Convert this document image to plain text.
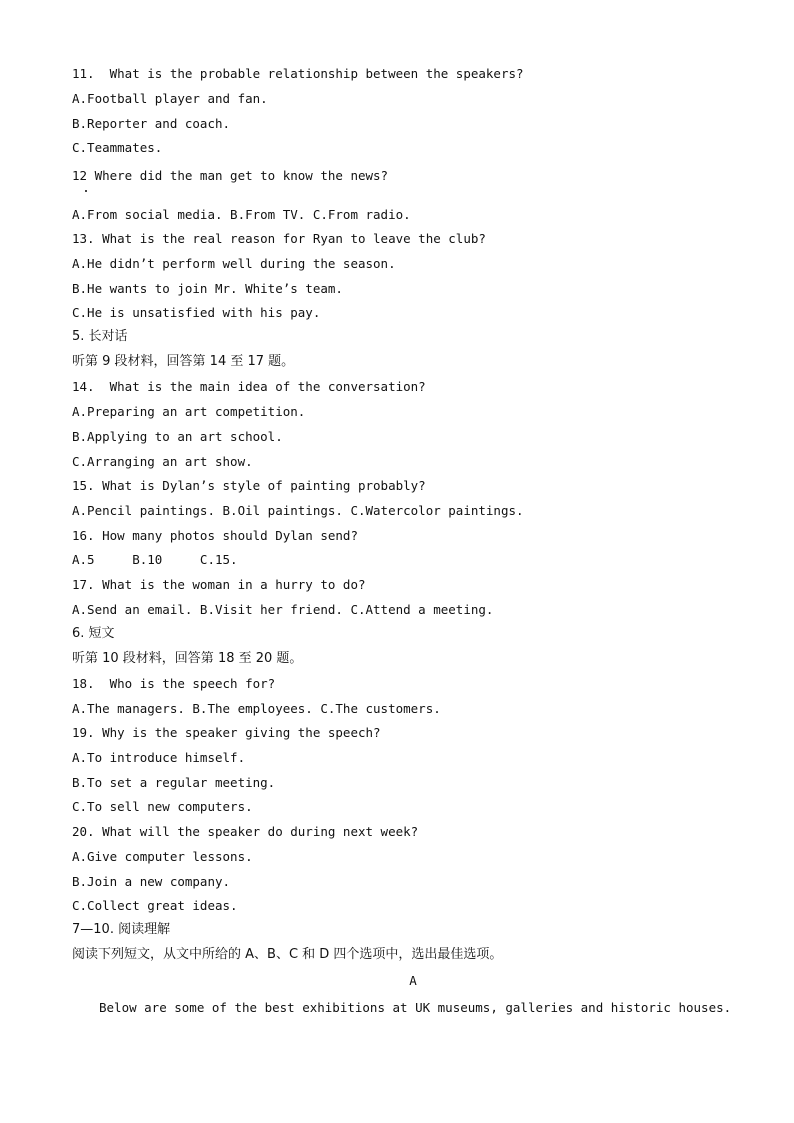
11.  What is the probable relationship between the speakers?
A.Football player and fan.
B.Reporter and coach.
C.Teammates.
12 Where did the man get to know the news?
A.From social media. B.From TV. C.From radio.
13. What is the real reason for Ryan to leave the club?
A.He didn’t perform well during the season.
B.He wants to join Mr. White’s team.
C.He is unsatisfied with his pay.
5. 长对话
听第 9 段材料，回答第 14 至 17 题。
14.  What is the main idea of the conversation?
A.Preparing an art competition.
B.Applying to an art school.
C.Arranging an art show.
15. What is Dylan’s style of painting probably?
A.Pencil paintings. B.Oil paintings. C.Watercolor paintings.
16. How many photos should Dylan send?
A.5     B.10     C.15.
17. What is the woman in a hurry to do?
A.Send an email. B.Visit her friend. C.Attend a meeting.
6. 短文
听第 10 段材料，回答第 18 至 20 题。
18.  Who is the speech for?
A.The managers. B.The employees. C.The customers.
19. Why is the speaker giving the speech?
A.To introduce himself.
B.To set a regular meeting.
C.To sell new computers.
20. What will the speaker do during next week?
A.Give computer lessons.
B.Join a new company.
C.Collect great ideas.
7—10. 阅读理解
阅读下列短文，从文中所给的 A、B、C 和 D 四个选项中，选出最佳选项。
A
Below are some of the best exhibitions at UK museums, galleries and historic houses.
